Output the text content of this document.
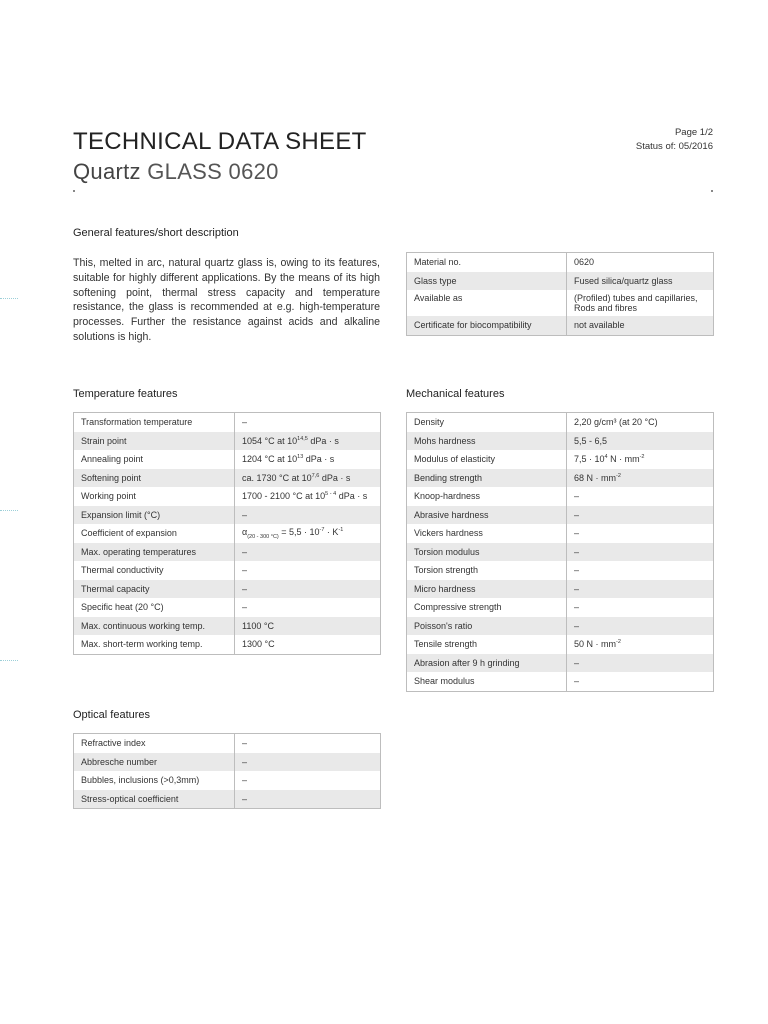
TECHNICAL DATA SHEET
Quartz GLASS 0620
Page 1/2
Status of: 05/2016
General features/short description
This, melted in arc, natural quartz glass is, owing to its features, suitable for highly different applications. By the means of its high softening point, thermal stress capacity and temperature resistance, the glass is recommended at e.g. high-temperature processes. Further the resistance against acids and alkaline solutions is high.
Material no.	0620
Glass type	Fused silica/quartz glass
Available as	(Profiled) tubes and capillaries, Rods and fibres
Certificate for biocompatibility	not available
Temperature features
Transformation temperature	–
Strain point	1054 °C at 10$^{14,5}$ dPa · s
Annealing point	1204 °C at $10^{13}$ dPa · s
Softening point	ca. 1730 °C at 10$^{7,6}$ dPa · s
Working point	1700 - 2100 °C at 10$^{5 - 4}$ dPa · s
Expansion limit (°C)	–
Coefficient of expansion	$\alpha_{(20 - 300 ^\circ C)} = 5,5 \cdot 10^{-7} \cdot K^{-1}$
Max. operating temperatures	–
Thermal conductivity	–
Thermal capacity	–
Specific heat (20 °C)	–
Max. continuous working temp.	1100 °C
Max. short-term working temp.	1300 °C
Mechanical features
Density	2,20 g/cm³ (at 20 °C)
Mohs hardness	5,5 - 6,5
Modulus of elasticity	$7,5 \cdot 10^4$ $N \cdot mm^{-2}$
Bending strength	68 $N \cdot mm^{-2}$
Knoop-hardness	–
Abrasive hardness	–
Vickers hardness	–
Torsion modulus	–
Torsion strength	–
Micro hardness	–
Compressive strength	–
Poisson's ratio	–
Tensile strength	50 $N \cdot mm^{-2}$
Abrasion after 9 h grinding	–
Shear modulus	–
Optical features
Refractive index	–
Abbresche number	–
Bubbles, inclusions (>0,3mm)	–
Stress-optical coefficient	–
